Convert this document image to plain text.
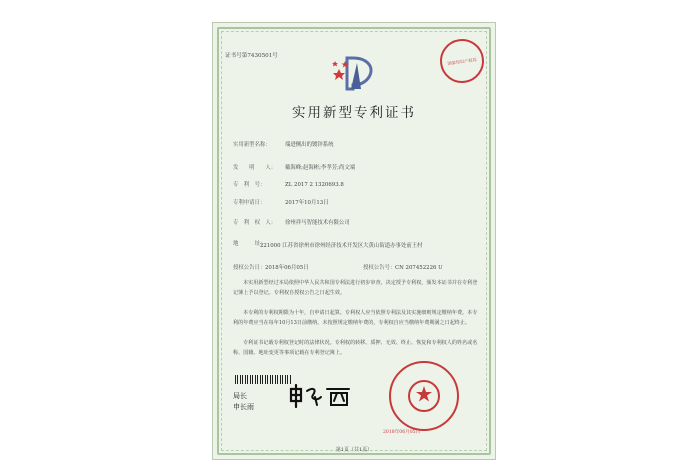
证书号第7430501号
国家知识产权局
实用新型专利证书
实用新型名称：	端进侧出的镀锌系统
发　　明　　人： 戴海峰;赵海彬;李孝芳;尚文端
专　利　号：	ZL 2017 2 1320693.8
专利申请日：	2017年10月13日
专　利　权　人： 徐州祥马智能技术有限公司
地　　　址：
221000 江苏省徐州市徐州经济技术开发区大黄山街道办事处前王村
授权公告日： 2018年06月05日	授权公告号： CN 207452226 U
本实用新型经过本局依照中华人民共和国专利法进行初步审查，决定授予专利权，颁发本证书并在专利登记簿上予以登记。专利权自授权公告之日起生效。
本专利的专利权期限为十年，自申请日起算。专利权人应当依照专利法及其实施细则规定缴纳年费。本专利的年费应当在每年10月13日前缴纳。未按照规定缴纳年费的，专利权自应当缴纳年费期满之日起终止。
专利证书记载专利权登记时的法律状况。专利权的转移、质押、无效、终止、恢复和专利权人的姓名或名称、国籍、地址变更等事项记载在专利登记簿上。
局长
申长雨
2018年06月05日
第1页（共1页）
